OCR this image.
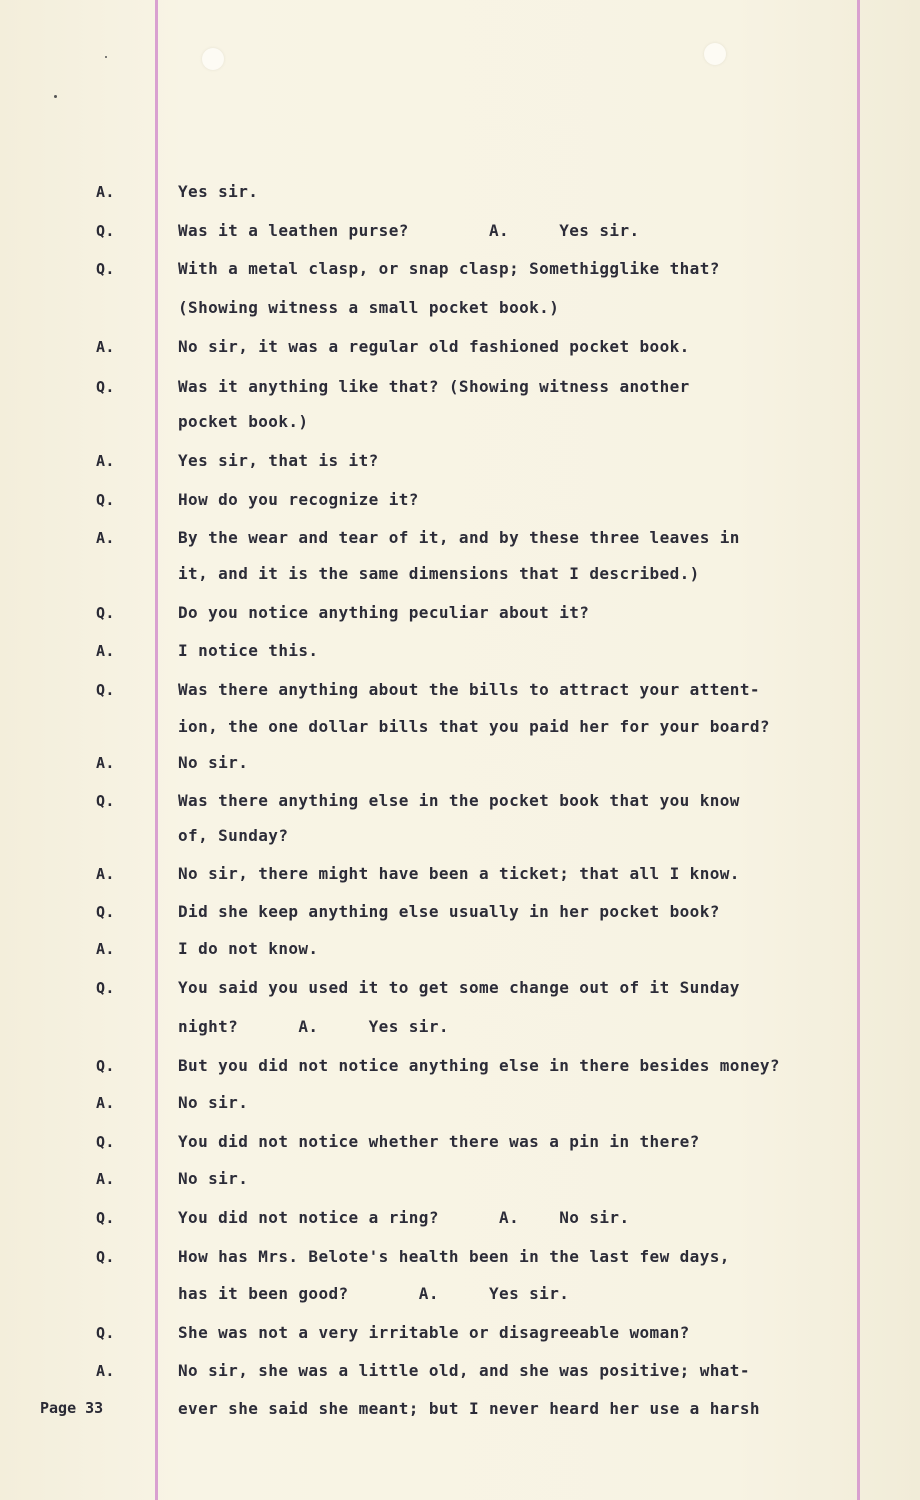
A.	Yes sir.
Q.	Was it a leathen purse?        A.     Yes sir.
Q.	With a metal clasp, or snap clasp; Somethigglike that?
(Showing witness a small pocket book.)
A.	No sir, it was a regular old fashioned pocket book.
Q.	Was it anything like that? (Showing witness another
pocket book.)
A.	Yes sir, that is it?
Q.	How do you recognize it?
A.	By the wear and tear of it, and by these three leaves in
it, and it is the same dimensions that I described.)
Q.	Do you notice anything peculiar about it?
A.	I notice this.
Q.	Was there anything about the bills to attract your attent-
ion, the one dollar bills that you paid her for your board?
A.	No sir.
Q.	Was there anything else in the pocket book that you know
of, Sunday?
A.	No sir, there might have been a ticket; that all I know.
Q.	Did she keep anything else usually in her pocket book?
A.	I do not know.
Q.	You said you used it to get some change out of it Sunday
night?      A.     Yes sir.
Q.	But you did not notice anything else in there besides money?
A.	No sir.
Q.	You did not notice whether there was a pin in there?
A.	No sir.
Q.	You did not notice a ring?      A.    No sir.
Q.	How has Mrs. Belote's health been in the last few days,
has it been good?       A.     Yes sir.
Q.	She was not a very irritable or disagreeable woman?
A.	No sir, she was a little old, and she was positive; what-
ever she said she meant; but I never heard her use a harsh
Page 33
